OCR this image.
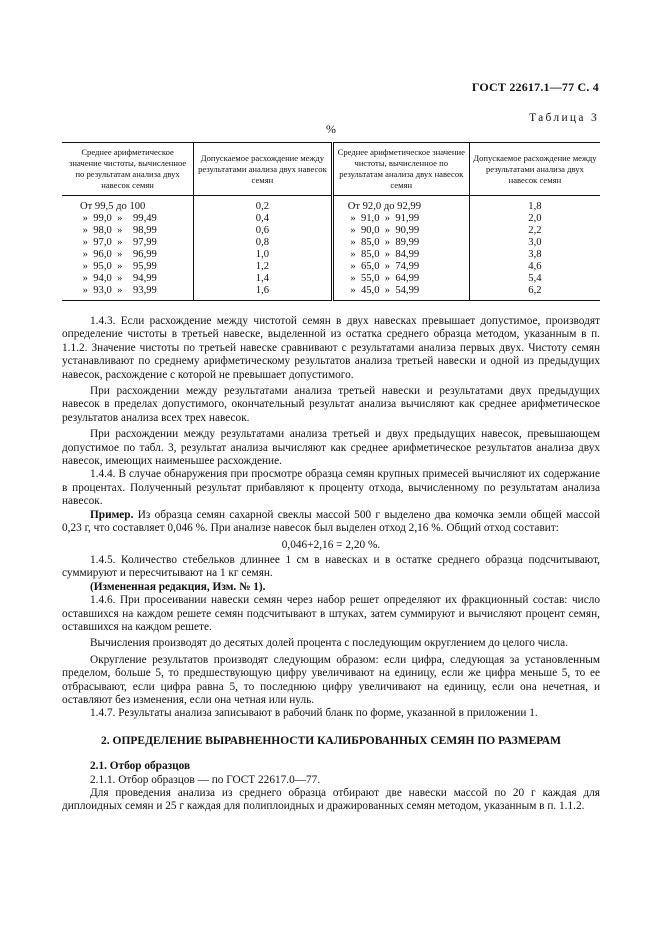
ГОСТ 22617.1—77 С. 4
Таблица 3
%
Среднее арифметическое значение чистоты, вычисленное по результатам анализа двух навесок семян	Допускаемое расхождение между результатами анализа двух навесок семян	Среднее арифметическое значение чистоты, вычисленное по результатам анализа двух навесок семян	Допускаемое расхождение между результатами анализа двух навесок семян
От 99,5 до 100	0,2	От 92,0 до 92,99	1,8
»  99,0  »    99,49	0,4	»  91,0  »  91,99	2,0
»  98,0  »    98,99	0,6	»  90,0  »  90,99	2,2
»  97,0  »    97,99	0,8	»  85,0  »  89,99	3,0
»  96,0  »    96,99	1,0	»  85,0  »  84,99	3,8
»  95,0  »    95,99	1,2	»  65,0  »  74,99	4,6
»  94,0  »    94,99	1,4	»  55,0  »  64,99	5,4
»  93,0  »    93,99	1,6	»  45,0  »  54,99	6,2

1.4.3. Если расхождение между чистотой семян в двух навесках превышает допустимое, производят определение чистоты в третьей навеске, выделенной из остатка среднего образца методом, указанным в п. 1.1.2. Значение чистоты по третьей навеске сравнивают с результатами анализа первых двух. Чистоту семян устанавливают по среднему арифметическому результатов анализа третьей навески и одной из предыдущих навесок, расхождение с которой не превышает допустимого.

При расхождении между результатами анализа третьей навески и результатами двух предыдущих навесок в пределах допустимого, окончательный результат анализа вычисляют как среднее арифметическое результатов анализа всех трех навесок.

При расхождении между результатами анализа третьей и двух предыдущих навесок, превышающем допустимое по табл. 3, результат анализа вычисляют как среднее арифметическое результатов анализа двух навесок, имеющих наименьшее расхождение.

1.4.4. В случае обнаружения при просмотре образца семян крупных примесей вычисляют их содержание в процентах. Полученный результат прибавляют к проценту отхода, вычисленному по результатам анализа навесок.

Пример. Из образца семян сахарной свеклы массой 500 г выделено два комочка земли общей массой 0,23 г, что составляет 0,046 %. При анализе навесок был выделен отход 2,16 %. Общий отход составит:

0,046+2,16 = 2,20 %.

1.4.5. Количество стебельков длиннее 1 см в навесках и в остатке среднего образца подсчитывают, суммируют и пересчитывают на 1 кг семян.

(Измененная редакция, Изм. № 1).

1.4.6. При просеивании навески семян через набор решет определяют их фракционный состав: число оставшихся на каждом решете семян подсчитывают в штуках, затем суммируют и вычисляют процент семян, оставшихся на каждом решете.

Вычисления производят до десятых долей процента с последующим округлением до целого числа.

Округление результатов производят следующим образом: если цифра, следующая за установленным пределом, больше 5, то предшествующую цифру увеличивают на единицу, если же цифра меньше 5, то ее отбрасывают, если цифра равна 5, то последнюю цифру увеличивают на единицу, если она нечетная, и оставляют без изменения, если она четная или нуль.

1.4.7. Результаты анализа записывают в рабочий бланк по форме, указанной в приложении 1.

2. ОПРЕДЕЛЕНИЕ ВЫРАВНЕННОСТИ КАЛИБРОВАННЫХ СЕМЯН ПО РАЗМЕРАМ

2.1. Отбор образцов

2.1.1. Отбор образцов — по ГОСТ 22617.0—77.

Для проведения анализа из среднего образца отбирают две навески массой по 20 г каждая для диплоидных семян и 25 г каждая для полиплоидных и дражированных семян методом, указанным в п. 1.1.2.
